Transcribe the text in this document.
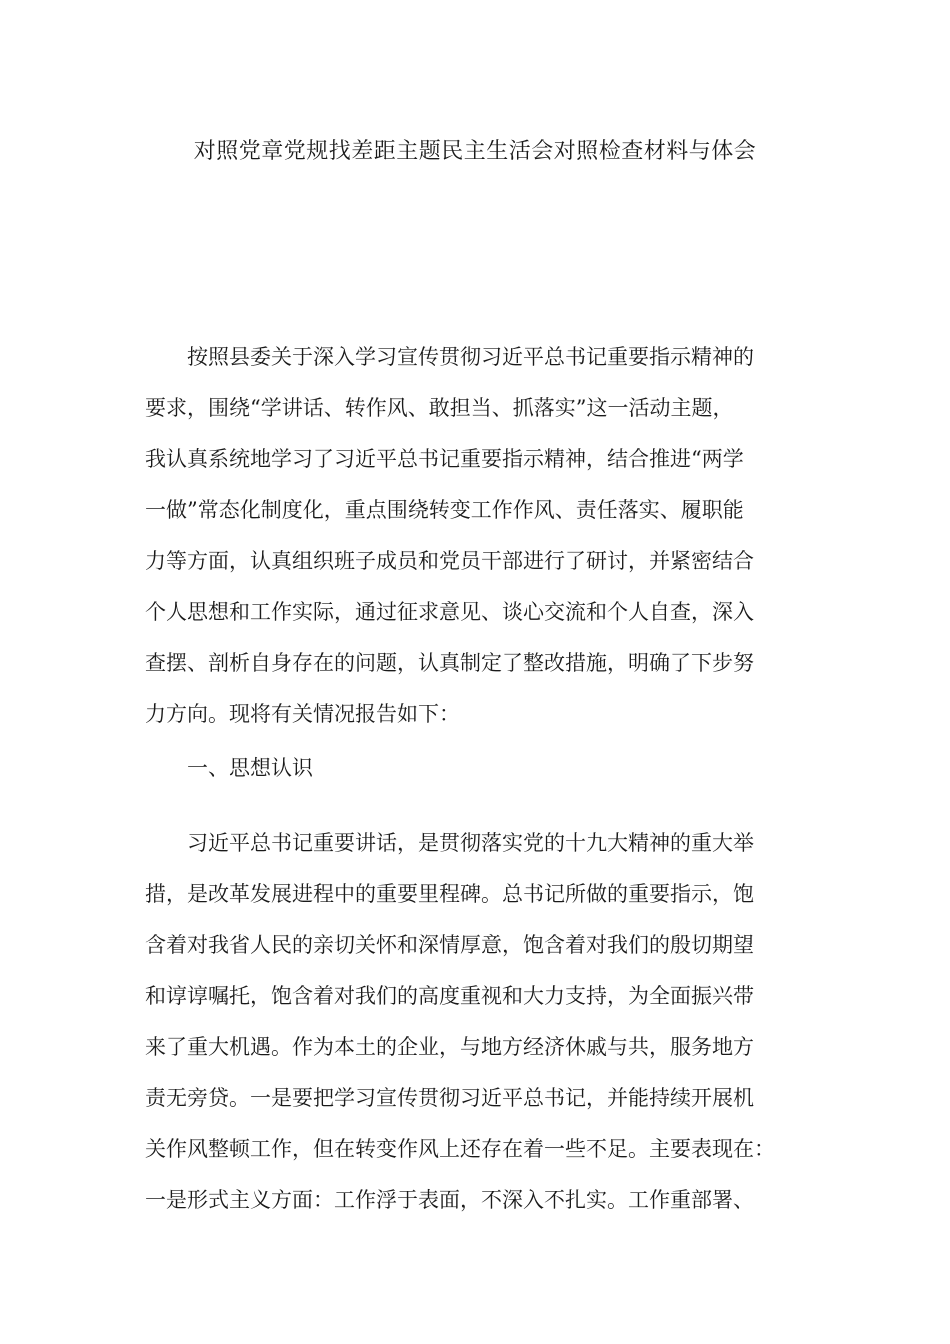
对照党章党规找差距主题民主生活会对照检查材料与体会
按照县委关于深入学习宣传贯彻习近平总书记重要指示精神的
要求，围绕“学讲话、转作风、敢担当、抓落实”这一活动主题，
我认真系统地学习了习近平总书记重要指示精神，结合推进“两学
一做”常态化制度化，重点围绕转变工作作风、责任落实、履职能
力等方面，认真组织班子成员和党员干部进行了研讨，并紧密结合
个人思想和工作实际，通过征求意见、谈心交流和个人自查，深入
查摆、剖析自身存在的问题，认真制定了整改措施，明确了下步努
力方向。现将有关情况报告如下：
一、思想认识
习近平总书记重要讲话，是贯彻落实党的十九大精神的重大举
措，是改革发展进程中的重要里程碑。总书记所做的重要指示，饱
含着对我省人民的亲切关怀和深情厚意，饱含着对我们的殷切期望
和谆谆嘱托，饱含着对我们的高度重视和大力支持，为全面振兴带
来了重大机遇。作为本土的企业，与地方经济休戚与共，服务地方
责无旁贷。一是要把学习宣传贯彻习近平总书记，并能持续开展机
关作风整顿工作，但在转变作风上还存在着一些不足。主要表现在：
一是形式主义方面：工作浮于表面，不深入不扎实。工作重部署、
